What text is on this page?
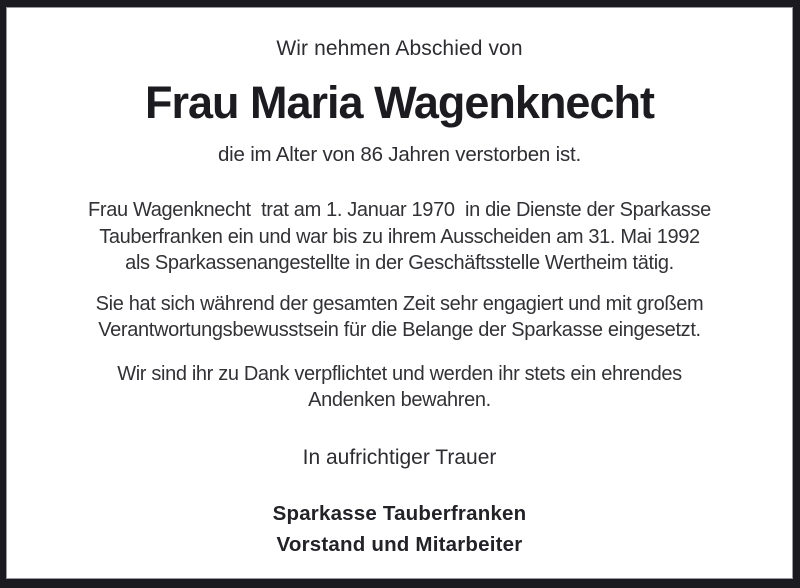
Wir nehmen Abschied von

Frau Maria Wagenknecht

die im Alter von 86 Jahren verstorben ist.

Frau Wagenknecht  trat am 1. Januar 1970  in die Dienste der Sparkasse
Tauberfranken ein und war bis zu ihrem Ausscheiden am 31. Mai 1992
als Sparkassenangestellte in der Geschäftsstelle Wertheim tätig.
Sie hat sich während der gesamten Zeit sehr engagiert und mit großem
Verantwortungsbewusstsein für die Belange der Sparkasse eingesetzt.
Wir sind ihr zu Dank verpflichtet und werden ihr stets ein ehrendes
Andenken bewahren.

In aufrichtiger Trauer

Sparkasse Tauberfranken
Vorstand und Mitarbeiter
